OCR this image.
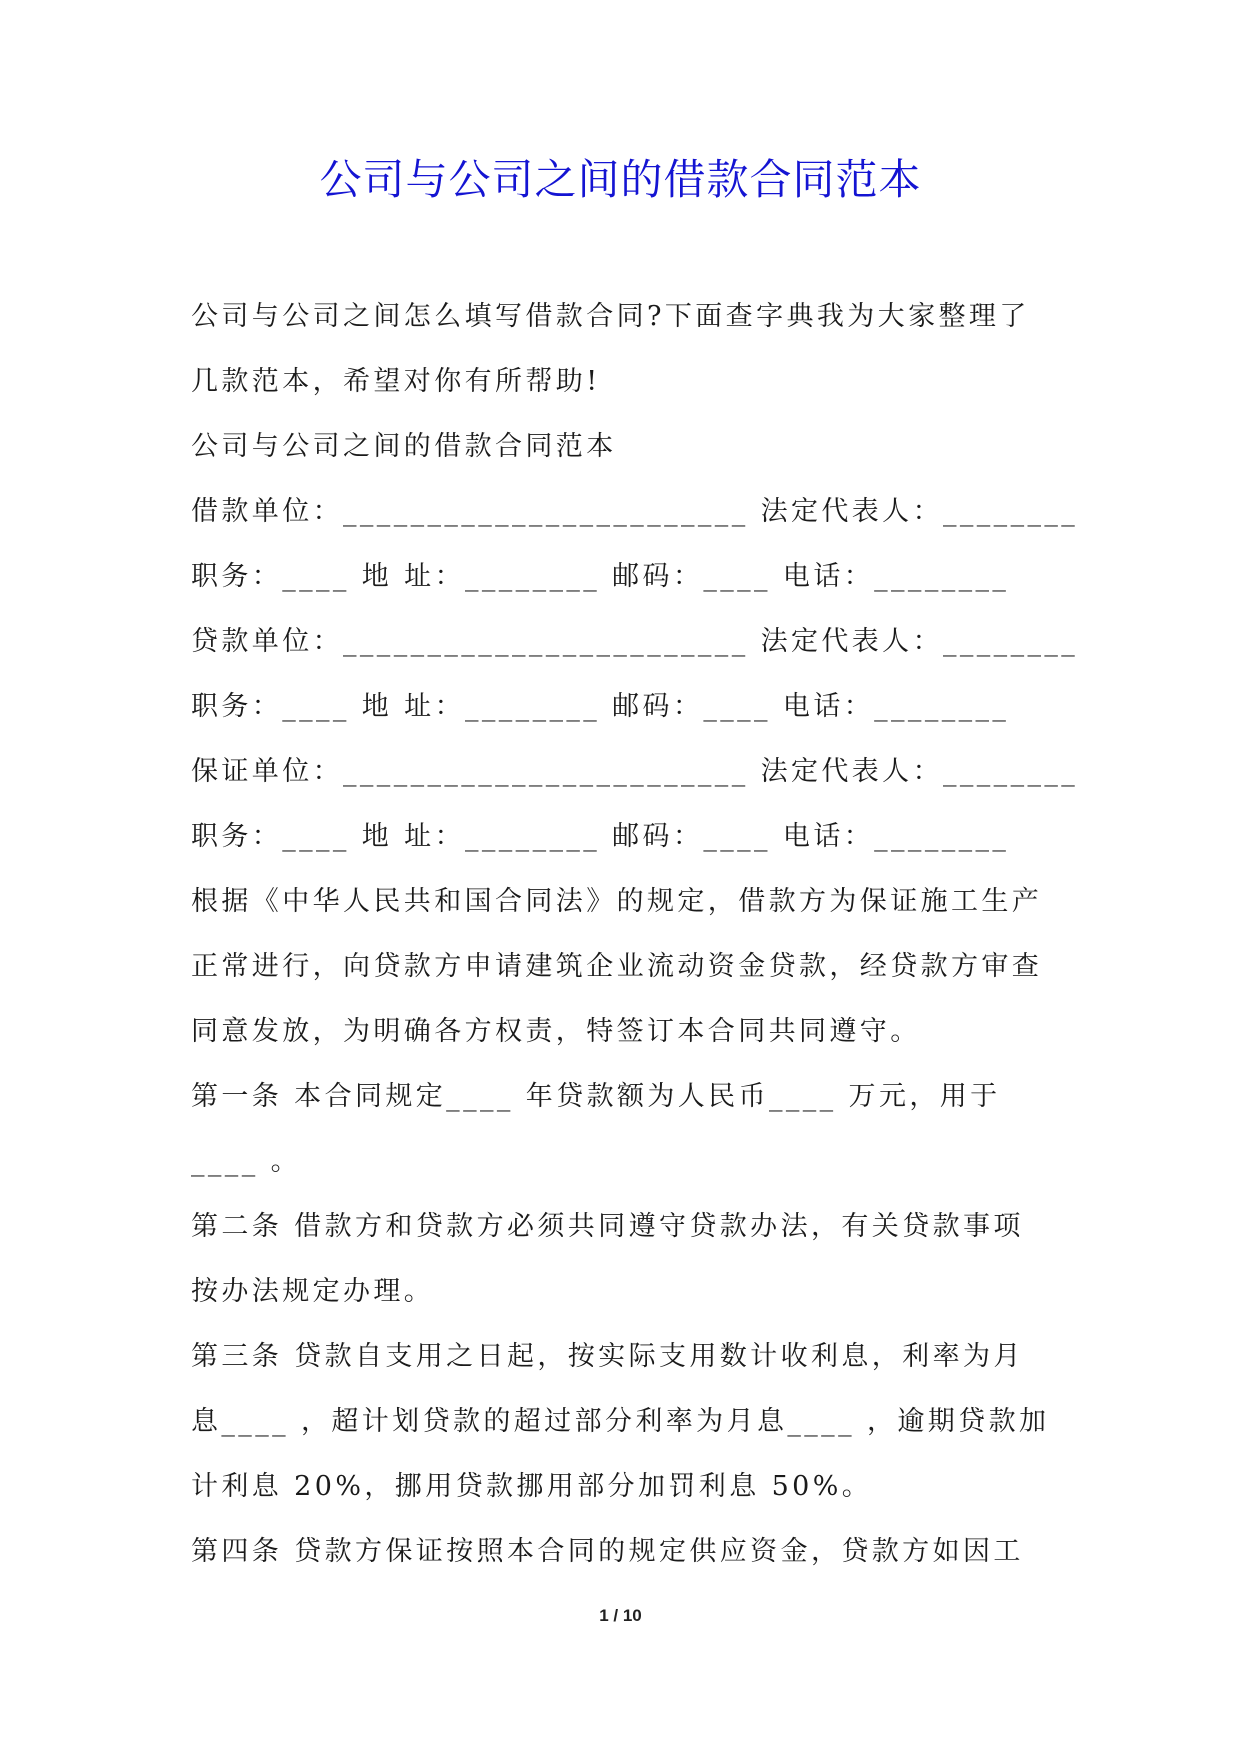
公司与公司之间的借款合同范本
公司与公司之间怎么填写借款合同?下面查字典我为大家整理了
几款范本，希望对你有所帮助!
公司与公司之间的借款合同范本
借款单位：________________________ 法定代表人：________
职务：____ 地 址：________ 邮码：____ 电话：________
贷款单位：________________________ 法定代表人：________
职务：____ 地 址：________ 邮码：____ 电话：________
保证单位：________________________ 法定代表人：________
职务：____ 地 址：________ 邮码：____ 电话：________
根据《中华人民共和国合同法》的规定，借款方为保证施工生产
正常进行，向贷款方申请建筑企业流动资金贷款，经贷款方审查
同意发放，为明确各方权责，特签订本合同共同遵守。
第一条 本合同规定____ 年贷款额为人民币____ 万元，用于
____ 。
第二条 借款方和贷款方必须共同遵守贷款办法，有关贷款事项
按办法规定办理。
第三条 贷款自支用之日起，按实际支用数计收利息，利率为月
息____ ，超计划贷款的超过部分利率为月息____ ，逾期贷款加
计利息 20%，挪用贷款挪用部分加罚利息 50%。
第四条 贷款方保证按照本合同的规定供应资金，贷款方如因工
1 / 10
